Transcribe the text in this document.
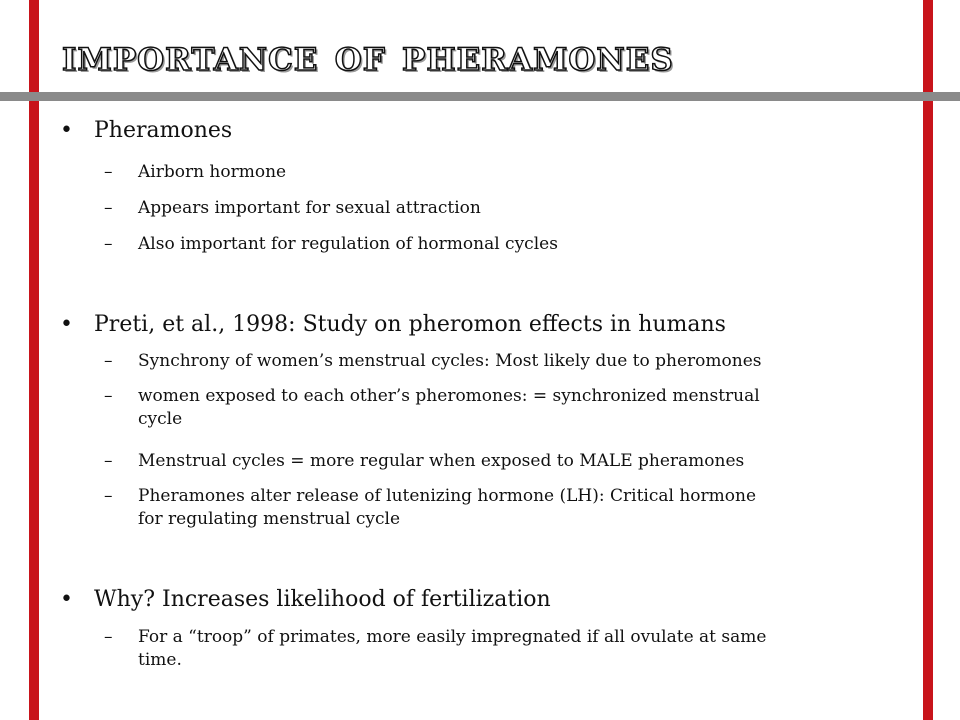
importance of pheramones
• Pheramones
– Airborn hormone
– Appears important for sexual attraction
– Also important for regulation of hormonal cycles
• Preti, et al., 1998: Study on pheromon effects in humans
– Synchrony of women’s menstrual cycles: Most likely due to pheromones
– women exposed to each other’s pheromones: = synchronized menstrual
cycle
– Menstrual cycles = more regular when exposed to MALE pheramones
– Pheramones alter release of lutenizing hormone (LH): Critical hormone
for regulating menstrual cycle
• Why? Increases likelihood of fertilization
– For a “troop” of primates, more easily impregnated if all ovulate at same
time.
